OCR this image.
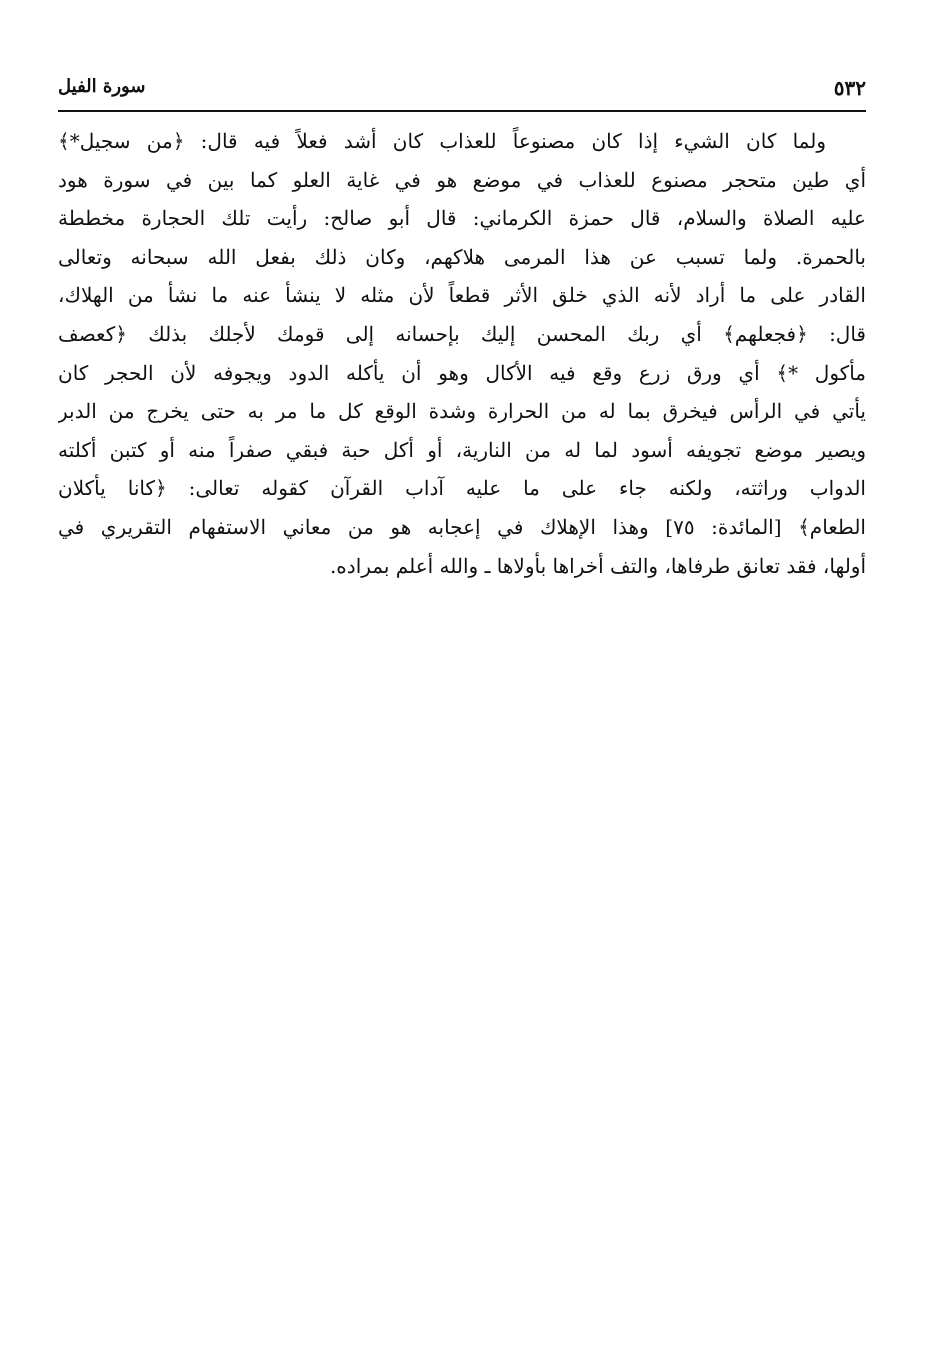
٥٣٢
سورة الفيل
ولما كان الشيء إذا كان مصنوعاً للعذاب كان أشد فعلاً فيه قال: ﴿من سجيل*﴾
أي طين متحجر مصنوع للعذاب في موضع هو في غاية العلو كما بين في سورة هود
عليه الصلاة والسلام، قال حمزة الكرماني: قال أبو صالح: رأيت تلك الحجارة مخططة
بالحمرة. ولما تسبب عن هذا المرمى هلاكهم، وكان ذلك بفعل الله سبحانه وتعالى
القادر على ما أراد لأنه الذي خلق الأثر قطعاً لأن مثله لا ينشأ عنه ما نشأ من الهلاك،
قال: ﴿فجعلهم﴾ أي ربك المحسن إليك بإحسانه إلى قومك لأجلك بذلك ﴿كعصف
مأكول *﴾ أي ورق زرع وقع فيه الأكال وهو أن يأكله الدود ويجوفه لأن الحجر كان
يأتي في الرأس فيخرق بما له من الحرارة وشدة الوقع كل ما مر به حتى يخرج من الدبر
ويصير موضع تجويفه أسود لما له من النارية، أو أكل حبة فبقي صفراً منه أو كتبن أكلته
الدواب وراثته، ولكنه جاء على ما عليه آداب القرآن كقوله تعالى: ﴿كانا يأكلان
الطعام﴾ [المائدة: ٧٥] وهذا الإهلاك في إعجابه هو من معاني الاستفهام التقريري في
أولها، فقد تعانق طرفاها، والتف أخراها بأولاها ـ والله أعلم بمراده.
